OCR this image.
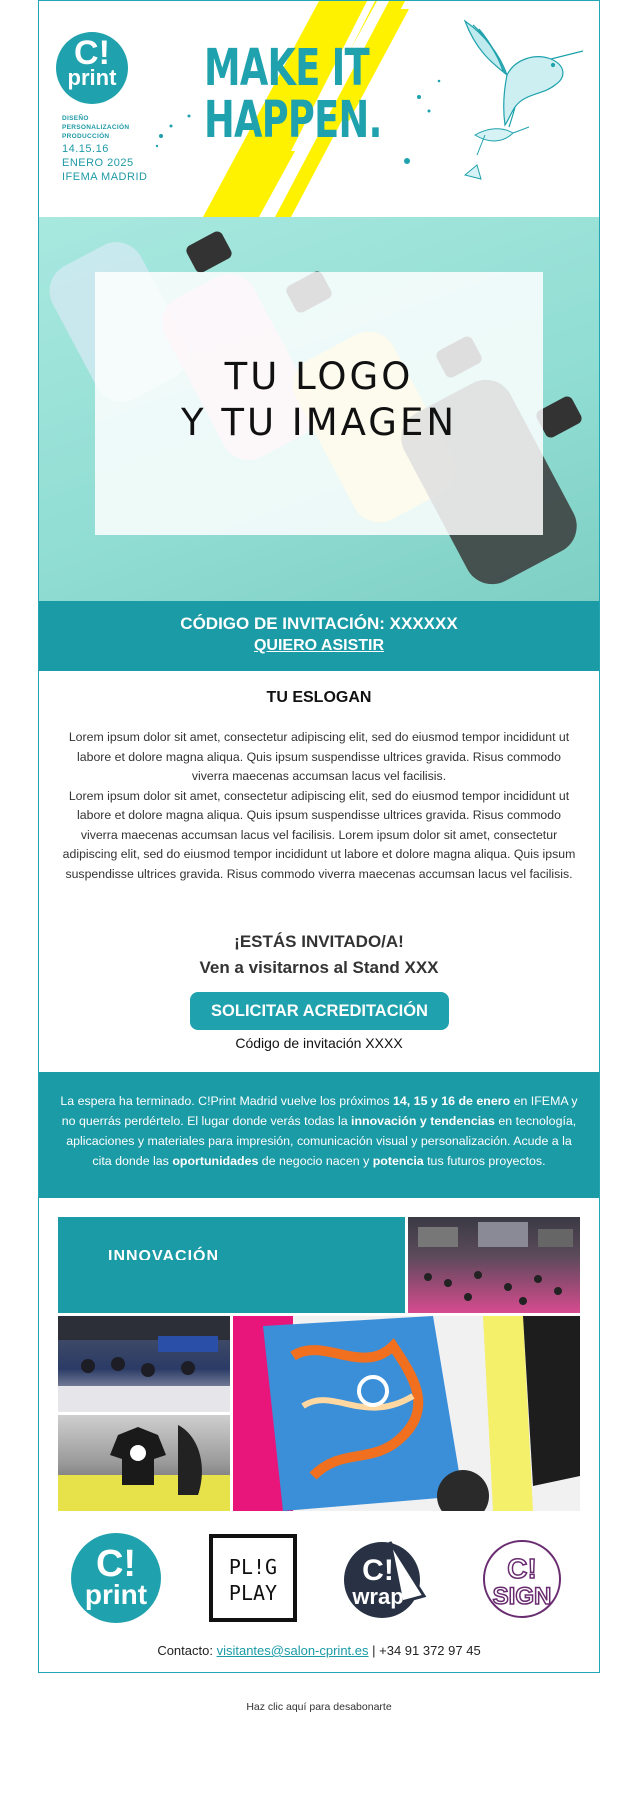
C!
print
DISEÑO
PERSONALIZACIÓN
PRODUCCIÓN
14.15.16
ENERO 2025
IFEMA MADRID
MAKE IT
HAPPEN.
TU LOGO
Y TU IMAGEN
CÓDIGO DE INVITACIÓN: XXXXXX
QUIERO ASISTIR
TU ESLOGAN
Lorem ipsum dolor sit amet, consectetur adipiscing elit, sed do eiusmod tempor incididunt ut labore et dolore magna aliqua. Quis ipsum suspendisse ultrices gravida. Risus commodo viverra maecenas accumsan lacus vel facilisis.
Lorem ipsum dolor sit amet, consectetur adipiscing elit, sed do eiusmod tempor incididunt ut labore et dolore magna aliqua. Quis ipsum suspendisse ultrices gravida. Risus commodo viverra maecenas accumsan lacus vel facilisis. Lorem ipsum dolor sit amet, consectetur adipiscing elit, sed do eiusmod tempor incididunt ut labore et dolore magna aliqua. Quis ipsum suspendisse ultrices gravida. Risus commodo viverra maecenas accumsan lacus vel facilisis.
¡ESTÁS INVITADO/A!
Ven a visitarnos al Stand XXX
SOLICITAR ACREDITACIÓN
Código de invitación XXXX

La espera ha terminado. C!Print Madrid vuelve los próximos 14, 15 y 16 de enero en IFEMA y no querrás perdértelo. El lugar donde verás todas la innovación y tendencias en tecnología, aplicaciones y materiales para impresión, comunicación visual y personalización. Acude a la cita donde las oportunidades de negocio nacen y potencia tus futuros proyectos.

INNOVACIÓN
C!
print
PL!G
PLAY
C!
wrap
C!
SIGN
Contacto: visitantes@salon-cprint.es | +34 91 372 97 45
Haz clic aquí para desabonarte
